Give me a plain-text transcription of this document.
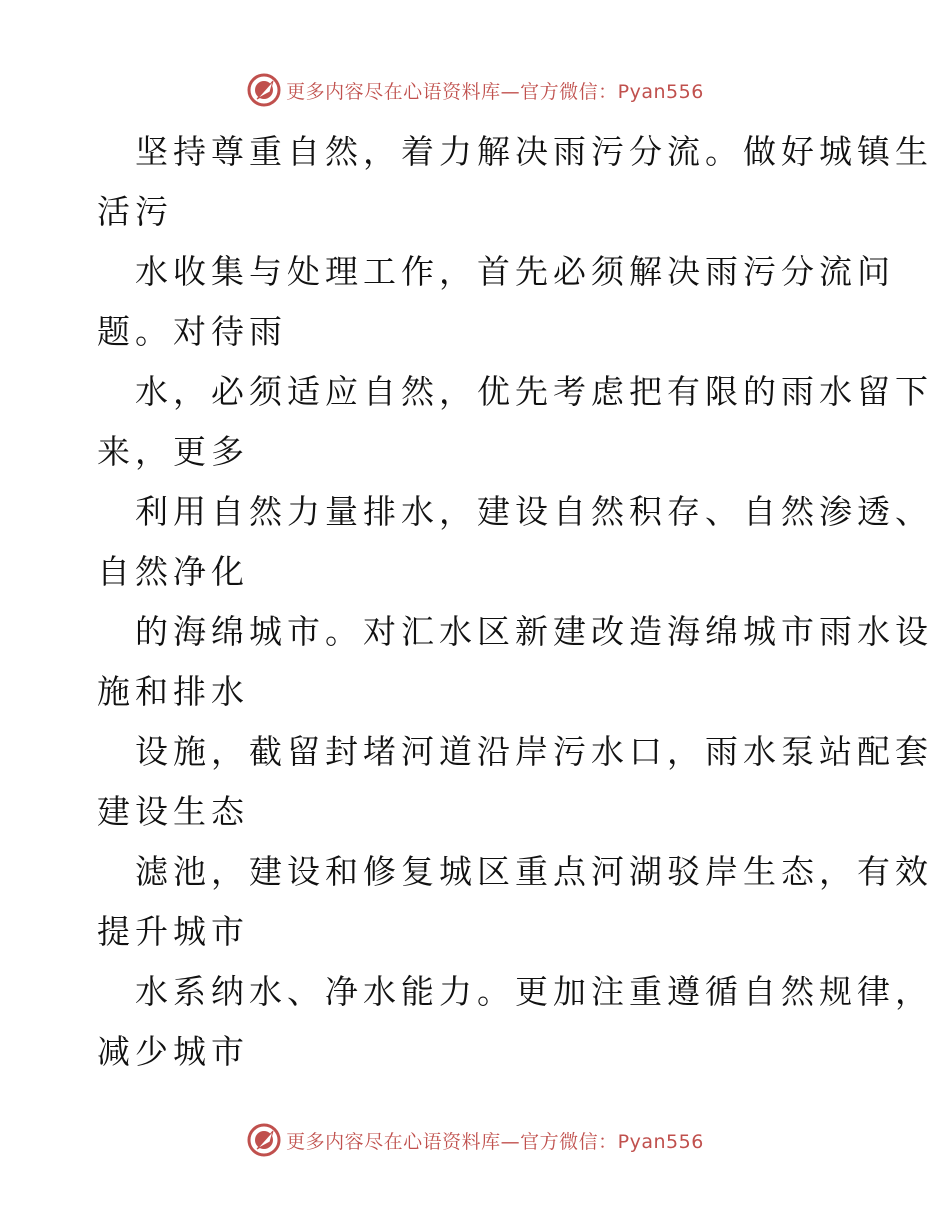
更多内容尽在心语资料库—官方微信：Pyan556

坚持尊重自然，着力解决雨污分流。做好城镇生
活污

水收集与处理工作，首先必须解决雨污分流问
题。对待雨

水，必须适应自然，优先考虑把有限的雨水留下
来，更多

利用自然力量排水，建设自然积存、自然渗透、
自然净化

的海绵城市。对汇水区新建改造海绵城市雨水设
施和排水

设施，截留封堵河道沿岸污水口，雨水泵站配套
建设生态

滤池，建设和修复城区重点河湖驳岸生态，有效
提升城市

水系纳水、净水能力。更加注重遵循自然规律，
减少城市

更多内容尽在心语资料库—官方微信：Pyan556
